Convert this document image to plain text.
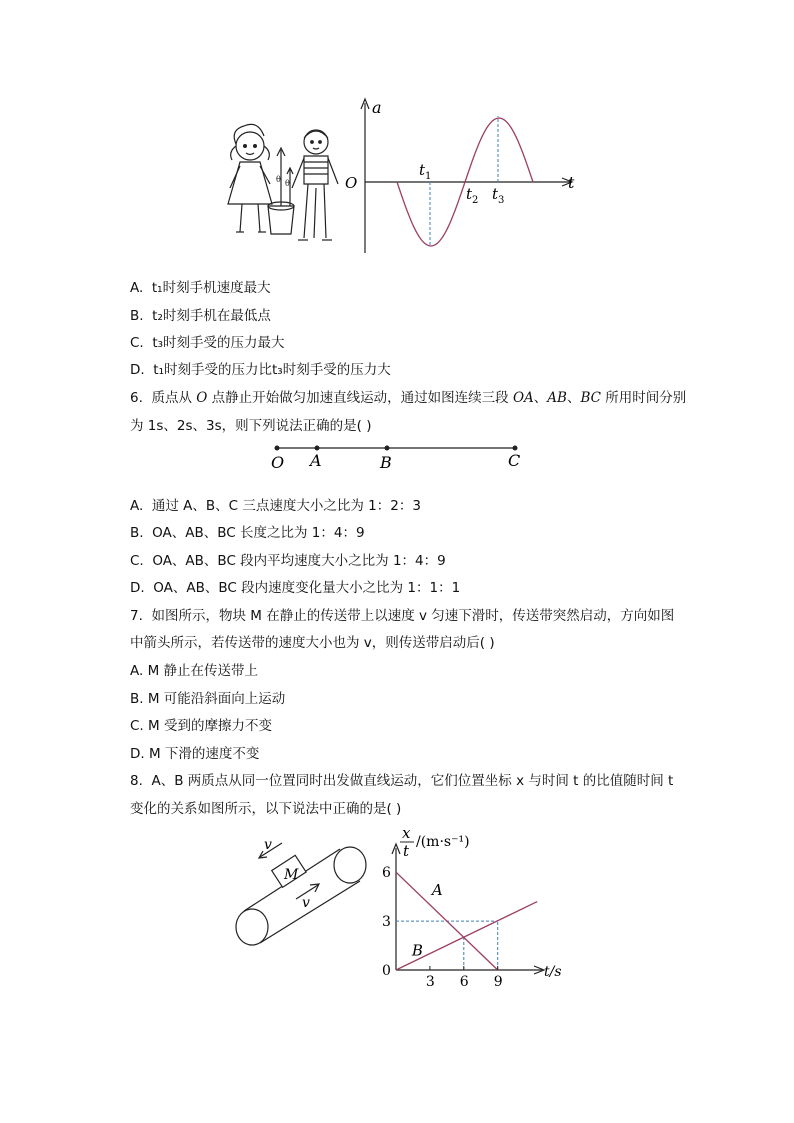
θ θ
a
t
O
$t_1$
$t_2$ $t_3$
A. t₁时刻手机速度最大
B. t₂时刻手机在最低点
C. t₃时刻手受的压力最大
D. t₁时刻手受的压力比t₃时刻手受的压力大
6. 质点从 O 点静止开始做匀加速直线运动，通过如图连续三段 OA、AB、BC 所用时间分别
为 1s、2s、3s，则下列说法正确的是( )
O A	B	C
A. 通过 A、B、C 三点速度大小之比为 1：2：3
B. OA、AB、BC 长度之比为 1：4：9
C. OA、AB、BC 段内平均速度大小之比为 1：4：9
D. OA、AB、BC 段内速度变化量大小之比为 1：1：1
7. 如图所示，物块 M 在静止的传送带上以速度 v 匀速下滑时，传送带突然启动，方向如图
中箭头所示，若传送带的速度大小也为 v，则传送带启动后( )
A. M 静止在传送带上
B. M 可能沿斜面向上运动
C. M 受到的摩擦力不变
D. M 下滑的速度不变
8. A、B 两质点从同一位置同时出发做直线运动，它们位置坐标 x 与时间 t 的比值随时间 t
变化的关系如图所示，以下说法中正确的是( )
M
v
v
A
B
3 6 9
3
6
x
t /(m·s⁻¹)
t/s
0
